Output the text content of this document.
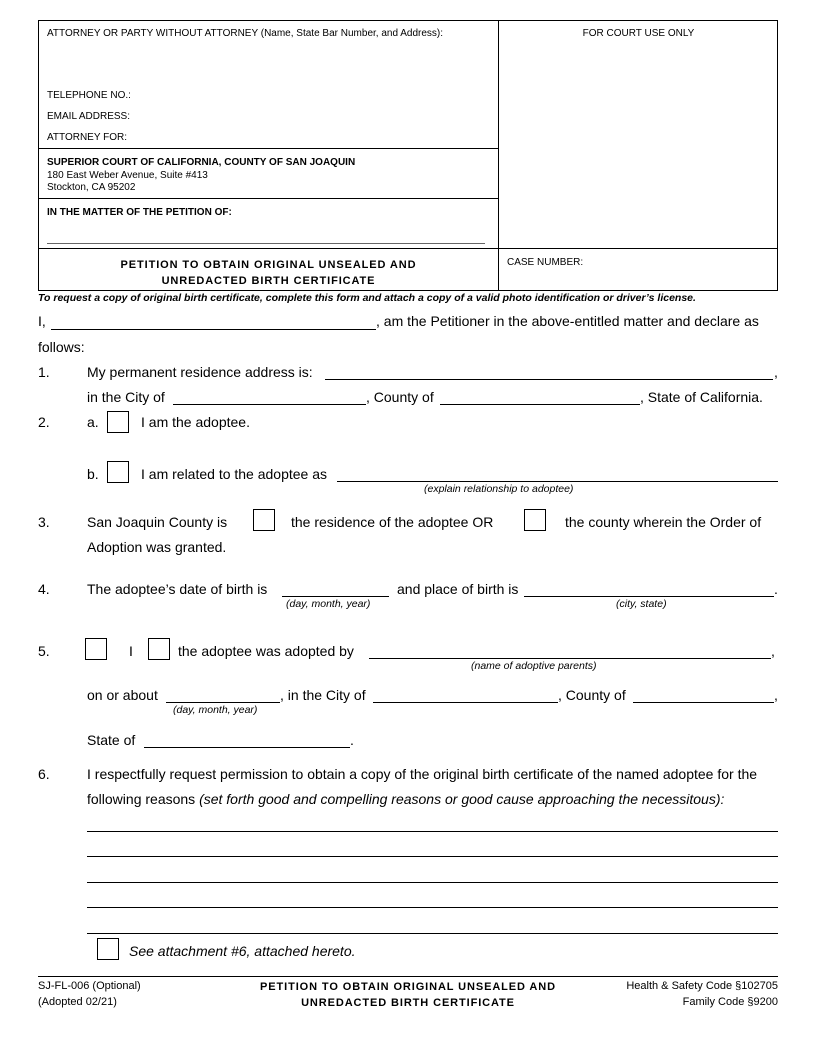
ATTORNEY OR PARTY WITHOUT ATTORNEY (Name, State Bar Number, and Address):	FOR COURT USE ONLY
TELEPHONE NO.:
EMAIL ADDRESS:
ATTORNEY FOR:
SUPERIOR COURT OF CALIFORNIA, COUNTY OF SAN JOAQUIN
180 East Weber Avenue, Suite #413
Stockton, CA 95202
IN THE MATTER OF THE PETITION OF:
PETITION TO OBTAIN ORIGINAL UNSEALED AND
UNREDACTED BIRTH CERTIFICATE
CASE NUMBER:
To request a copy of original birth certificate, complete this form and attach a copy of a valid photo identification or driver’s license.
I,	, am the Petitioner in the above-entitled matter and declare as
follows:
1.	My permanent residence address is:	,
in the City of	, County of	, State of California.
2.	a.	I am the adoptee.
b.	I am related to the adoptee as
(explain relationship to adoptee)
3.	San Joaquin County is	the residence of the adoptee OR	the county wherein the Order of
Adoption was granted.
4.	The adoptee’s date of birth is
(day, month, year)
and place of birth is
(city, state)
.
5.	I	the adoptee was adopted by	,
(name of adoptive parents)
on or about
(day, month, year)
, in the City of	, County of	,
State of	.
6.	I respectfully request permission to obtain a copy of the original birth certificate of the named adoptee for the
following reasons (set forth good and compelling reasons or good cause approaching the necessitous):
See attachment #6, attached hereto.
SJ-FL-006 (Optional)
(Adopted 02/21)
PETITION TO OBTAIN ORIGINAL UNSEALED AND
UNREDACTED BIRTH CERTIFICATE
Health & Safety Code §102705
Family Code §9200
